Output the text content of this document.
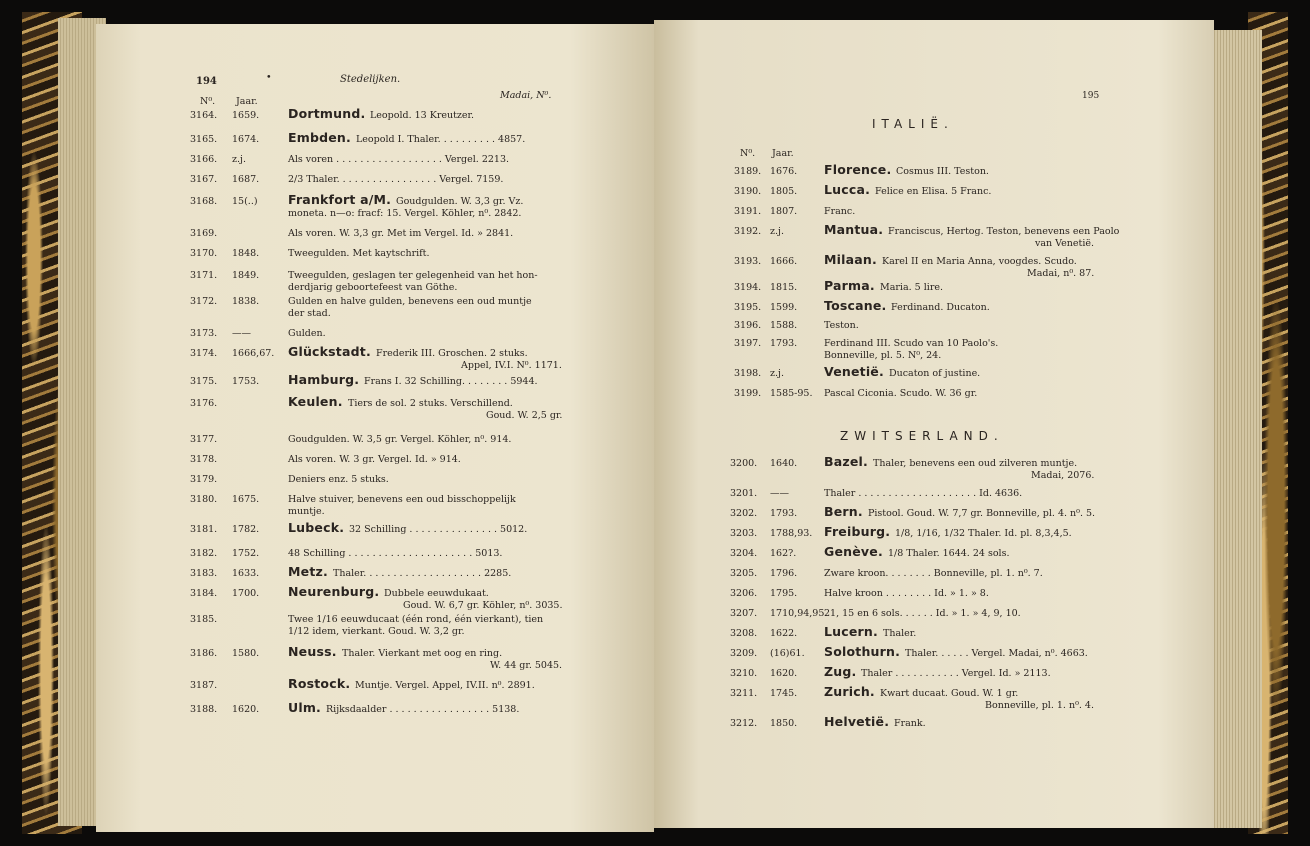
194	•	Stedelijken.
N⁰. Jaar.
Madai, N⁰.
3164. 1659. Dortmund. Leopold. 13 Kreutzer.
3165. 1674. Embden. Leopold I. Thaler. . . . . . . . . . 4857.
3166. z.j.	Als voren . . . . . . . . . . . . . . . . . . Vergel. 2213.
3167. 1687.	2/3 Thaler. . . . . . . . . . . . . . . . . Vergel. 7159.
3168. 15(..) Frankfort a/M. Goudgulden. W. 3,3 gr. Vz.
moneta. n—o: fracf: 15. Vergel. Köhler, n⁰. 2842.
3169.	Als voren. W. 3,3 gr. Met im Vergel. Id. » 2841.
3170. 1848.	Tweegulden. Met kaytschrift.
3171. 1849.	Tweegulden, geslagen ter gelegenheid van het hon-
derdjarig geboortefeest van Göthe.
3172. 1838.	Gulden en halve gulden, benevens een oud muntje
der stad.
3173. ——	Gulden.
3174. 1666,67. Glückstadt. Frederik III. Groschen. 2 stuks.
Appel, IV.I. N⁰. 1171.
3175. 1753. Hamburg. Frans I. 32 Schilling. . . . . . . . 5944.
3176.	Keulen. Tiers de sol. 2 stuks. Verschillend.
Goud. W. 2,5 gr.
3177.	Goudgulden. W. 3,5 gr. Vergel. Köhler, n⁰. 914.
3178.	Als voren. W. 3 gr. Vergel. Id. » 914.
3179.	Deniers enz. 5 stuks.
3180. 1675.	Halve stuiver, benevens een oud bisschoppelijk
muntje.
3181. 1782. Lubeck. 32 Schilling . . . . . . . . . . . . . . . 5012.
3182. 1752.	48 Schilling . . . . . . . . . . . . . . . . . . . . . 5013.
3183. 1633. Metz. Thaler. . . . . . . . . . . . . . . . . . . . 2285.
3184. 1700. Neurenburg. Dubbele eeuwdukaat.
Goud. W. 6,7 gr. Köhler, n⁰. 3035.
3185.	Twee 1/16 eeuwducaat (één rond, één vierkant), tien
1/12 idem, vierkant. Goud. W. 3,2 gr.
3186. 1580. Neuss. Thaler. Vierkant met oog en ring.
W. 44 gr. 5045.
3187.	Rostock. Muntje. Vergel. Appel, IV.II. n⁰. 2891.
3188. 1620. Ulm. Rijksdaalder . . . . . . . . . . . . . . . . . 5138.
195
ITALIË.
N⁰. Jaar.
ZWITSERLAND.
3189. 1676. Florence. Cosmus III. Teston.
3190. 1805. Lucca. Felice en Elisa. 5 Franc.
3191. 1807.	Franc.
3192. z.j.	Mantua. Franciscus, Hertog. Teston, benevens een Paolo
van Venetië.
3193. 1666. Milaan. Karel II en Maria Anna, voogdes. Scudo.
Madai, n⁰. 87.
3194. 1815. Parma. Maria. 5 lire.
3195. 1599. Toscane. Ferdinand. Ducaton.
3196. 1588.	Teston.
3197. 1793.	Ferdinand III. Scudo van 10 Paolo's.
Bonneville, pl. 5. N⁰, 24.
3198. z.j.	Venetië. Ducaton of justine.
3199. 1585-95. Pascal Ciconia. Scudo. W. 36 gr.
3200. 1640. Bazel. Thaler, benevens een oud zilveren muntje.
Madai, 2076.
3201. ——	Thaler . . . . . . . . . . . . . . . . . . . . Id. 4636.
3202. 1793. Bern. Pistool. Goud. W. 7,7 gr. Bonneville, pl. 4. n⁰. 5.
3203. 1788,93. Freiburg. 1/8, 1/16, 1/32 Thaler. Id. pl. 8,3,4,5.
3204. 162?. Genève. 1/8 Thaler. 1644. 24 sols.
3205. 1796.	Zware kroon. . . . . . . . Bonneville, pl. 1. n⁰. 7.
3206. 1795.	Halve kroon . . . . . . . . Id. » 1. » 8.
3207. 1710,94,95.
21, 15 en 6 sols. . . . . . Id. » 1. » 4, 9, 10.
3208. 1622. Lucern. Thaler.
3209. (16)61. Solothurn. Thaler. . . . . . Vergel. Madai, n⁰. 4663.
3210. 1620. Zug. Thaler . . . . . . . . . . . Vergel. Id. » 2113.
3211. 1745. Zurich. Kwart ducaat. Goud. W. 1 gr.
Bonneville, pl. 1. n⁰. 4.
3212. 1850. Helvetië. Frank.
